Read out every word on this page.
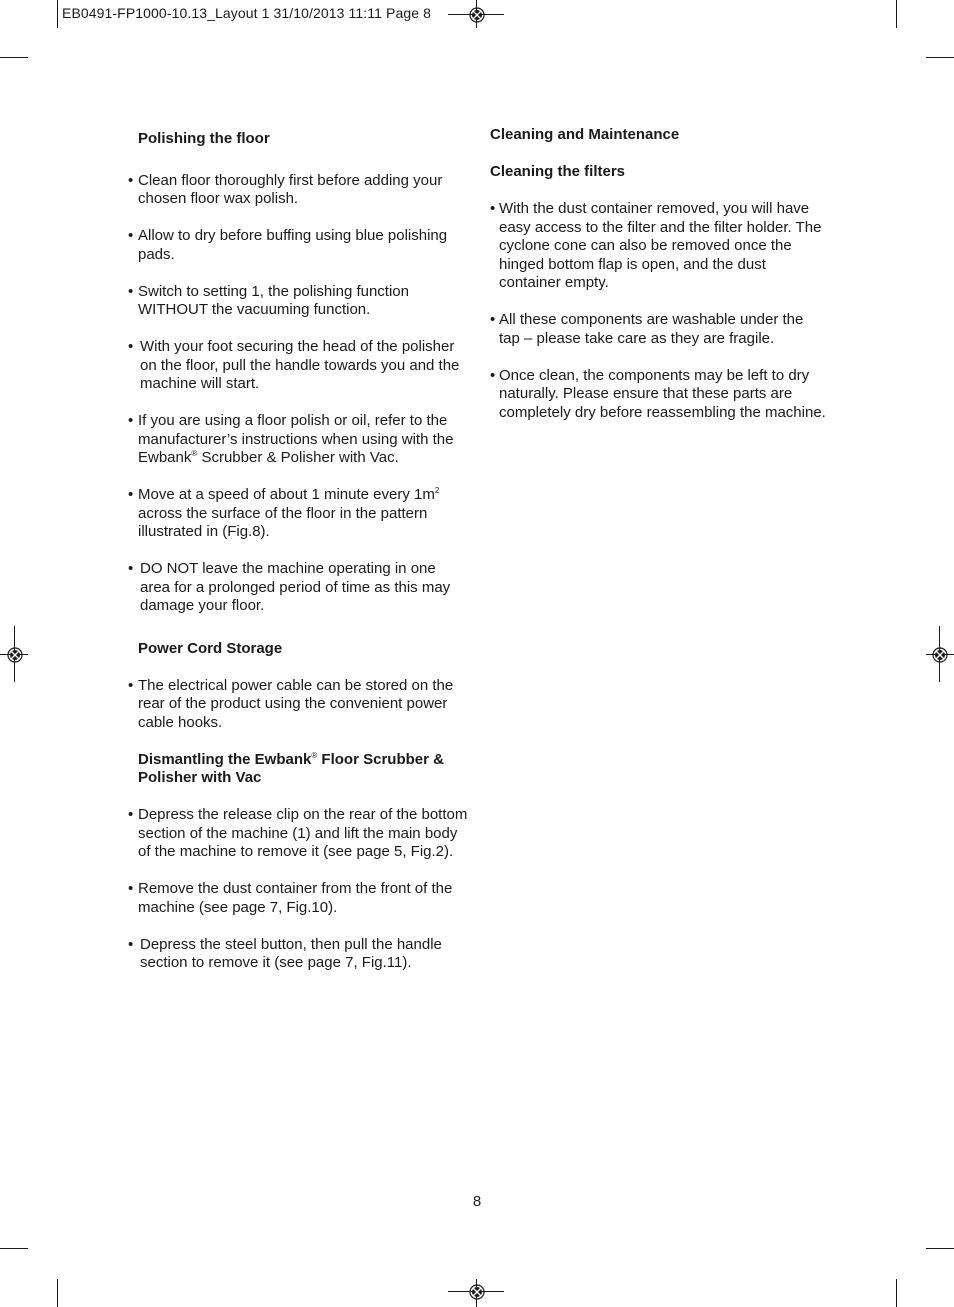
EB0491-FP1000-10.13_Layout 1 31/10/2013 11:11 Page 8

Polishing the floor

• Clean floor thoroughly first before adding your chosen floor wax polish.

• Allow to dry before buffing using blue polishing pads.

• Switch to setting 1, the polishing function WITHOUT the vacuuming function.

• With your foot securing the head of the polisher on the floor, pull the handle towards you and the machine will start.

• If you are using a floor polish or oil, refer to the manufacturer’s instructions when using with the Ewbank® Scrubber & Polisher with Vac.

• Move at a speed of about 1 minute every $1m^2$ across the surface of the floor in the pattern illustrated in (Fig.8).

• DO NOT leave the machine operating in one area for a prolonged period of time as this may damage your floor.

Power Cord Storage

• The electrical power cable can be stored on the rear of the product using the convenient power cable hooks.

Dismantling the Ewbank® Floor Scrubber & Polisher with Vac

• Depress the release clip on the rear of the bottom section of the machine (1) and lift the main body of the machine to remove it (see page 5, Fig.2).

• Remove the dust container from the front of the machine (see page 7, Fig.10).

• Depress the steel button, then pull the handle section to remove it (see page 7, Fig.11).

Cleaning and Maintenance

Cleaning the filters

• With the dust container removed, you will have easy access to the filter and the filter holder. The cyclone cone can also be removed once the hinged bottom flap is open, and the dust container empty.

• All these components are washable under the tap – please take care as they are fragile.

• Once clean, the components may be left to dry naturally. Please ensure that these parts are completely dry before reassembling the machine.

8
